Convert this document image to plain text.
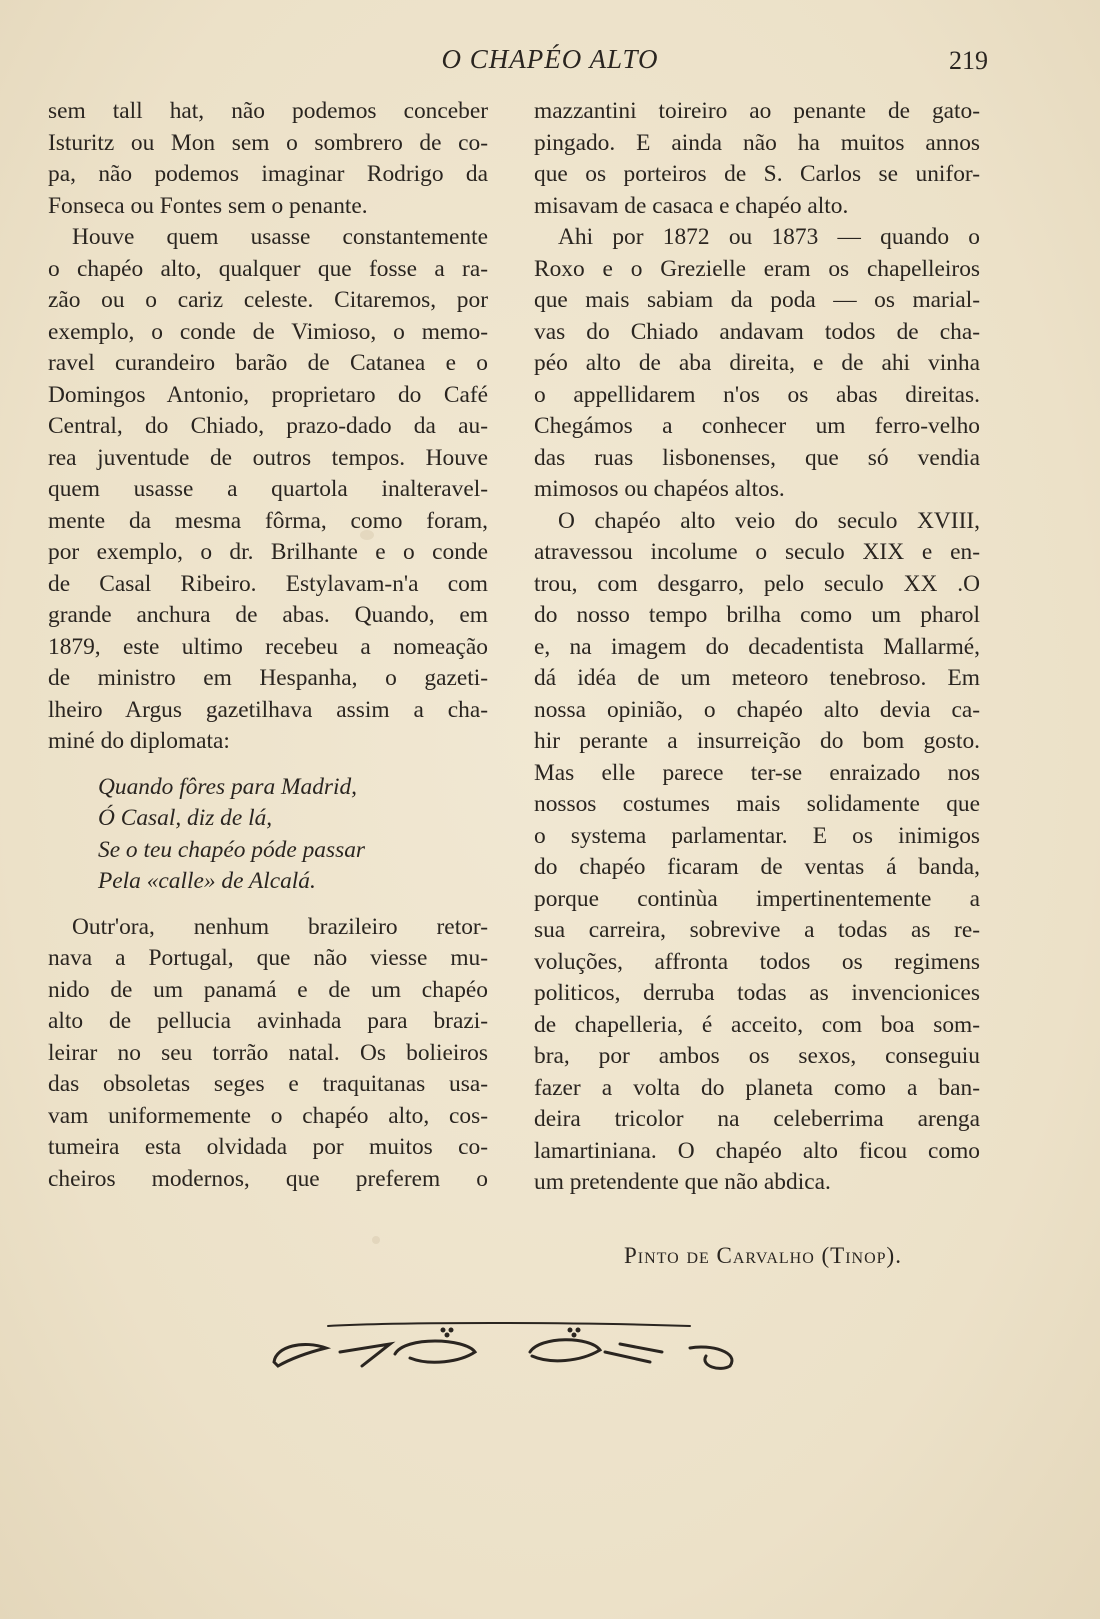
O CHAPÉO ALTO	219
sem tall hat, não podemos conceber
Isturitz ou Mon sem o sombrero de co-
pa, não podemos imaginar Rodrigo da
Fonseca ou Fontes sem o penante.
Houve quem usasse constantemente
o chapéo alto, qualquer que fosse a ra-
zão ou o cariz celeste. Citaremos, por
exemplo, o conde de Vimioso, o memo-
ravel curandeiro barão de Catanea e o
Domingos Antonio, proprietaro do Café
Central, do Chiado, prazo-dado da au-
rea juventude de outros tempos. Houve
quem usasse a quartola inalteravel-
mente da mesma fôrma, como foram,
por exemplo, o dr. Brilhante e o conde
de Casal Ribeiro. Estylavam-n'a com
grande anchura de abas. Quando, em
1879, este ultimo recebeu a nomeação
de ministro em Hespanha, o gazeti-
lheiro Argus gazetilhava assim a cha-
miné do diplomata:
Quando fôres para Madrid,
Ó Casal, diz de lá,
Se o teu chapéo póde passar
Pela «calle» de Alcalá.
Outr'ora, nenhum brazileiro retor-
nava a Portugal, que não viesse mu-
nido de um panamá e de um chapéo
alto de pellucia avinhada para brazi-
leirar no seu torrão natal. Os bolieiros
das obsoletas seges e traquitanas usa-
vam uniformemente o chapéo alto, cos-
tumeira esta olvidada por muitos co-
cheiros modernos, que preferem o
mazzantini toireiro ao penante de gato-
pingado. E ainda não ha muitos annos
que os porteiros de S. Carlos se unifor-
misavam de casaca e chapéo alto.
Ahi por 1872 ou 1873 — quando o
Roxo e o Grezielle eram os chapelleiros
que mais sabiam da poda — os marial-
vas do Chiado andavam todos de cha-
péo alto de aba direita, e de ahi vinha
o appellidarem n'os os abas direitas.
Chegámos a conhecer um ferro-velho
das ruas lisbonenses, que só vendia
mimosos ou chapéos altos.
O chapéo alto veio do seculo XVIII,
atravessou incolume o seculo XIX e en-
trou, com desgarro, pelo seculo XX .O
do nosso tempo brilha como um pharol
e, na imagem do decadentista Mallarmé,
dá idéa de um meteoro tenebroso. Em
nossa opinião, o chapéo alto devia ca-
hir perante a insurreição do bom gosto.
Mas elle parece ter-se enraizado nos
nossos costumes mais solidamente que
o systema parlamentar. E os inimigos
do chapéo ficaram de ventas á banda,
porque continùa impertinentemente a
sua carreira, sobrevive a todas as re-
voluções, affronta todos os regimens
politicos, derruba todas as invencionices
de chapelleria, é acceito, com boa som-
bra, por ambos os sexos, conseguiu
fazer a volta do planeta como a ban-
deira tricolor na celeberrima arenga
lamartiniana. O chapéo alto ficou como
um pretendente que não abdica.
Pinto de Carvalho (Tinop).
